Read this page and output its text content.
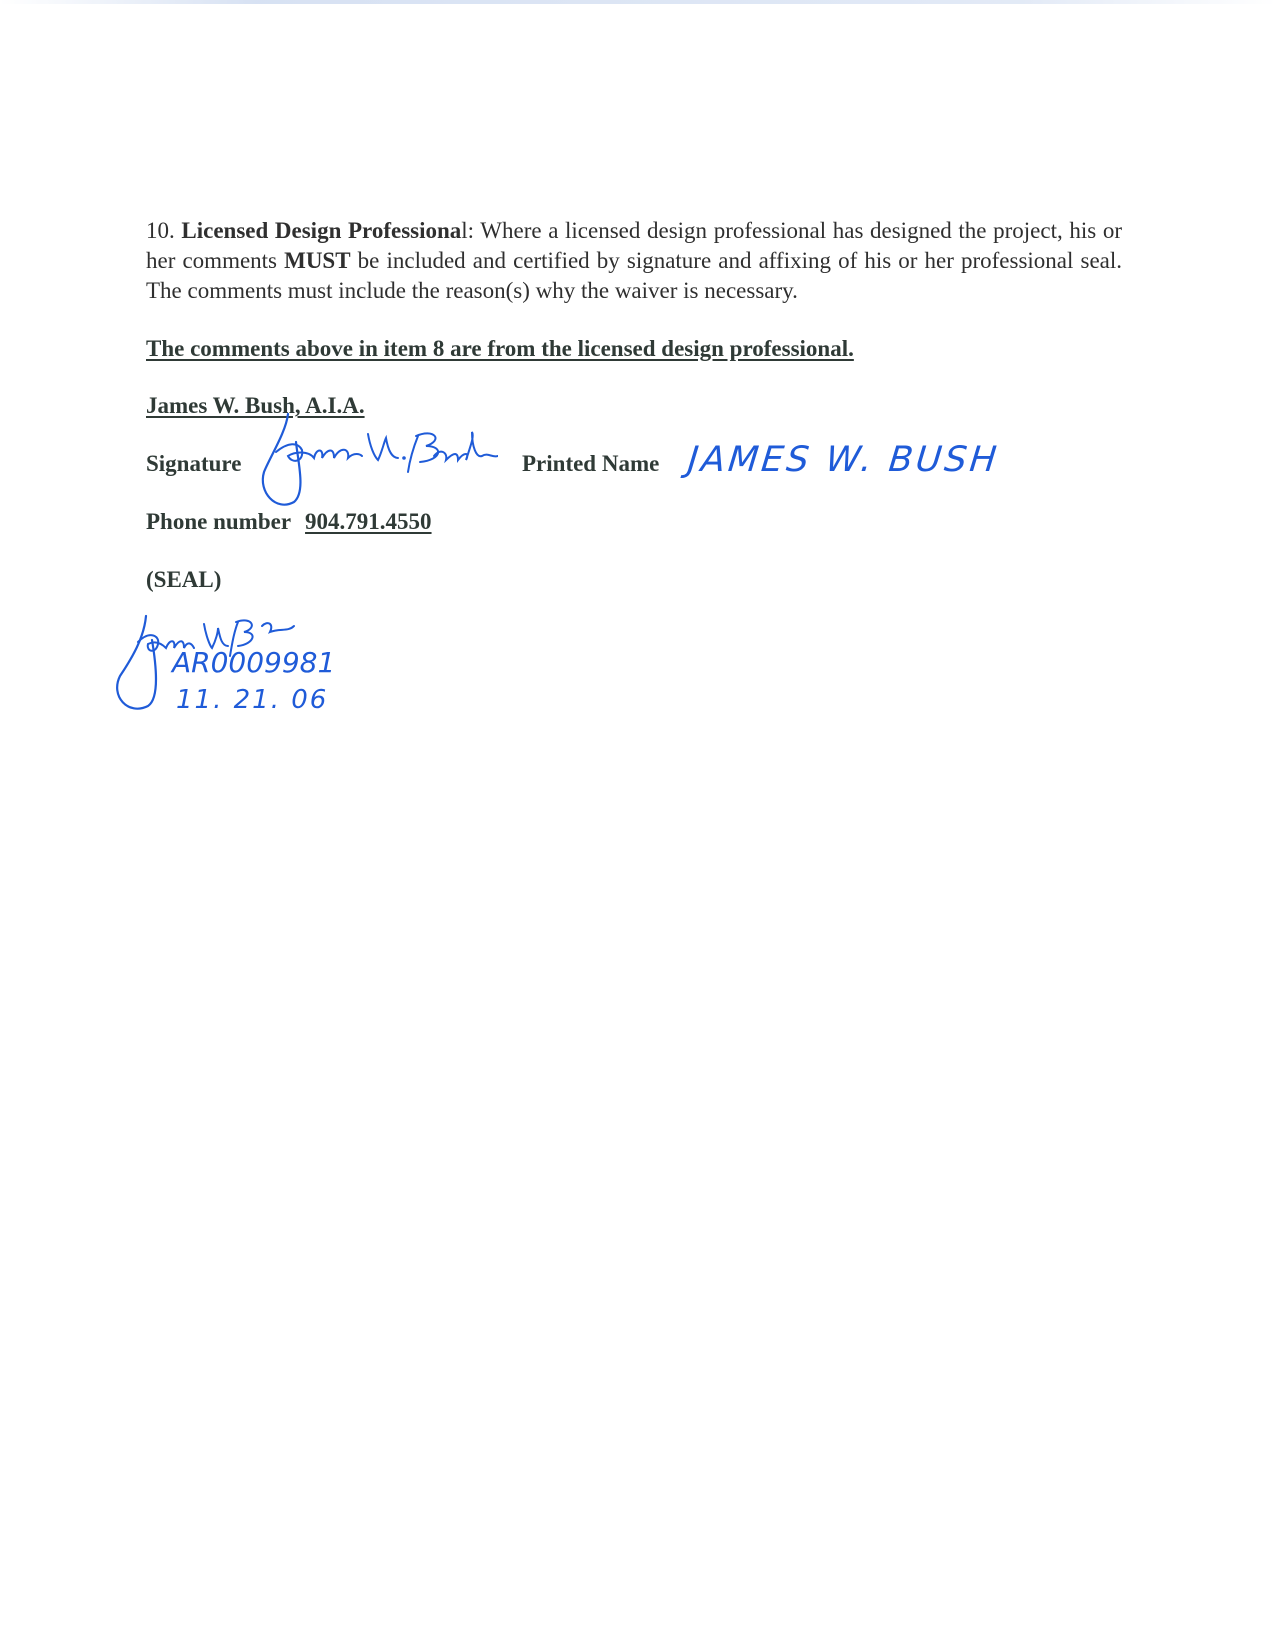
10. Licensed Design Professional: Where a licensed design professional has designed the project, his or her comments MUST be included and certified by signature and affixing of his or her professional seal. The comments must include the reason(s) why the waiver is necessary.

The comments above in item 8 are from the licensed design professional.
James W. Bush, A.I.A.
Signature	Printed Name JAMES W. BUSH
Phone number 904.791.4550
(SEAL)
AR0009981
11. 21. 06
